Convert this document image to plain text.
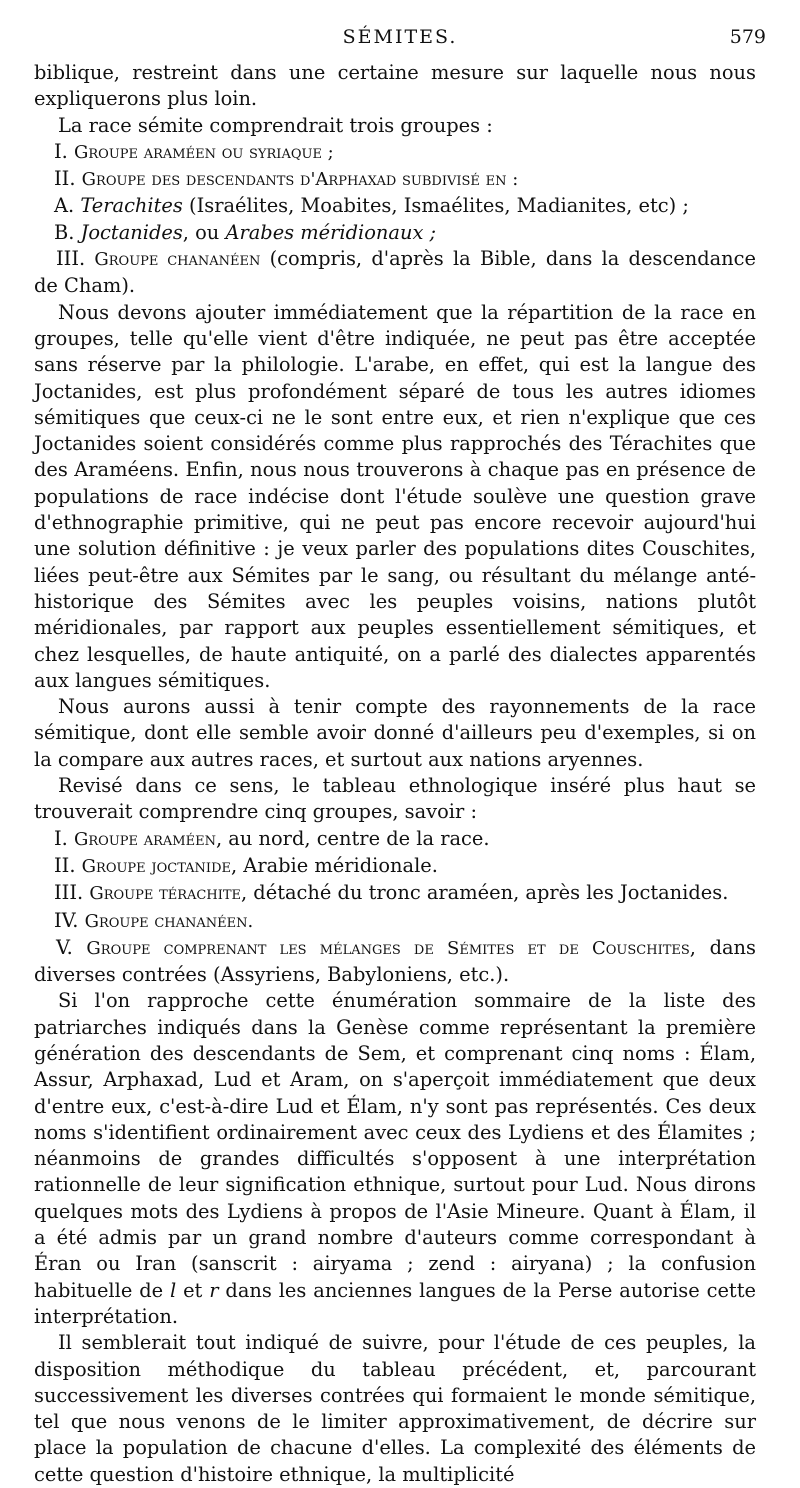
SÉMITES.	579

biblique, restreint dans une certaine mesure sur laquelle nous nous expliquerons plus loin.

La race sémite comprendrait trois groupes :

I. Groupe araméen ou syriaque ;

II. Groupe des descendants d'Arphaxad subdivisé en :

A. Terachites (Israélites, Moabites, Ismaélites, Madianites, etc) ;

B. Joctanides, ou Arabes méridionaux ;

III. Groupe chananéen (compris, d'après la Bible, dans la descendance de Cham).

Nous devons ajouter immédiatement que la répartition de la race en groupes, telle qu'elle vient d'être indiquée, ne peut pas être acceptée sans réserve par la philologie. L'arabe, en effet, qui est la langue des Joctanides, est plus profondément séparé de tous les autres idiomes sémitiques que ceux-ci ne le sont entre eux, et rien n'explique que ces Joctanides soient considérés comme plus rapprochés des Térachites que des Araméens. Enfin, nous nous trouverons à chaque pas en présence de populations de race indécise dont l'étude soulève une question grave d'ethnographie primitive, qui ne peut pas encore recevoir aujourd'hui une solution définitive : je veux parler des populations dites Couschites, liées peut-être aux Sémites par le sang, ou résultant du mélange anté-historique des Sémites avec les peuples voisins, nations plutôt méridionales, par rapport aux peuples essentiellement sémitiques, et chez lesquelles, de haute antiquité, on a parlé des dialectes apparentés aux langues sémitiques.

Nous aurons aussi à tenir compte des rayonnements de la race sémitique, dont elle semble avoir donné d'ailleurs peu d'exemples, si on la compare aux autres races, et surtout aux nations aryennes.

Revisé dans ce sens, le tableau ethnologique inséré plus haut se trouverait comprendre cinq groupes, savoir :

I. Groupe araméen, au nord, centre de la race.

II. Groupe joctanide, Arabie méridionale.

III. Groupe térachite, détaché du tronc araméen, après les Joctanides.

IV. Groupe chananéen.

V. Groupe comprenant les mélanges de Sémites et de Couschites, dans diverses contrées (Assyriens, Babyloniens, etc.).

Si l'on rapproche cette énumération sommaire de la liste des patriarches indiqués dans la Genèse comme représentant la première génération des descendants de Sem, et comprenant cinq noms : Élam, Assur, Arphaxad, Lud et Aram, on s'aperçoit immédiatement que deux d'entre eux, c'est-à-dire Lud et Élam, n'y sont pas représentés. Ces deux noms s'identifient ordinairement avec ceux des Lydiens et des Élamites ; néanmoins de grandes difficultés s'opposent à une interprétation rationnelle de leur signification ethnique, surtout pour Lud. Nous dirons quelques mots des Lydiens à propos de l'Asie Mineure. Quant à Élam, il a été admis par un grand nombre d'auteurs comme correspondant à Éran ou Iran (sanscrit : airyama ; zend : airyana) ; la confusion habituelle de l et r dans les anciennes langues de la Perse autorise cette interprétation.

Il semblerait tout indiqué de suivre, pour l'étude de ces peuples, la disposition méthodique du tableau précédent, et, parcourant successivement les diverses contrées qui formaient le monde sémitique, tel que nous venons de le limiter approximativement, de décrire sur place la population de chacune d'elles. La complexité des éléments de cette question d'histoire ethnique, la multiplicité
